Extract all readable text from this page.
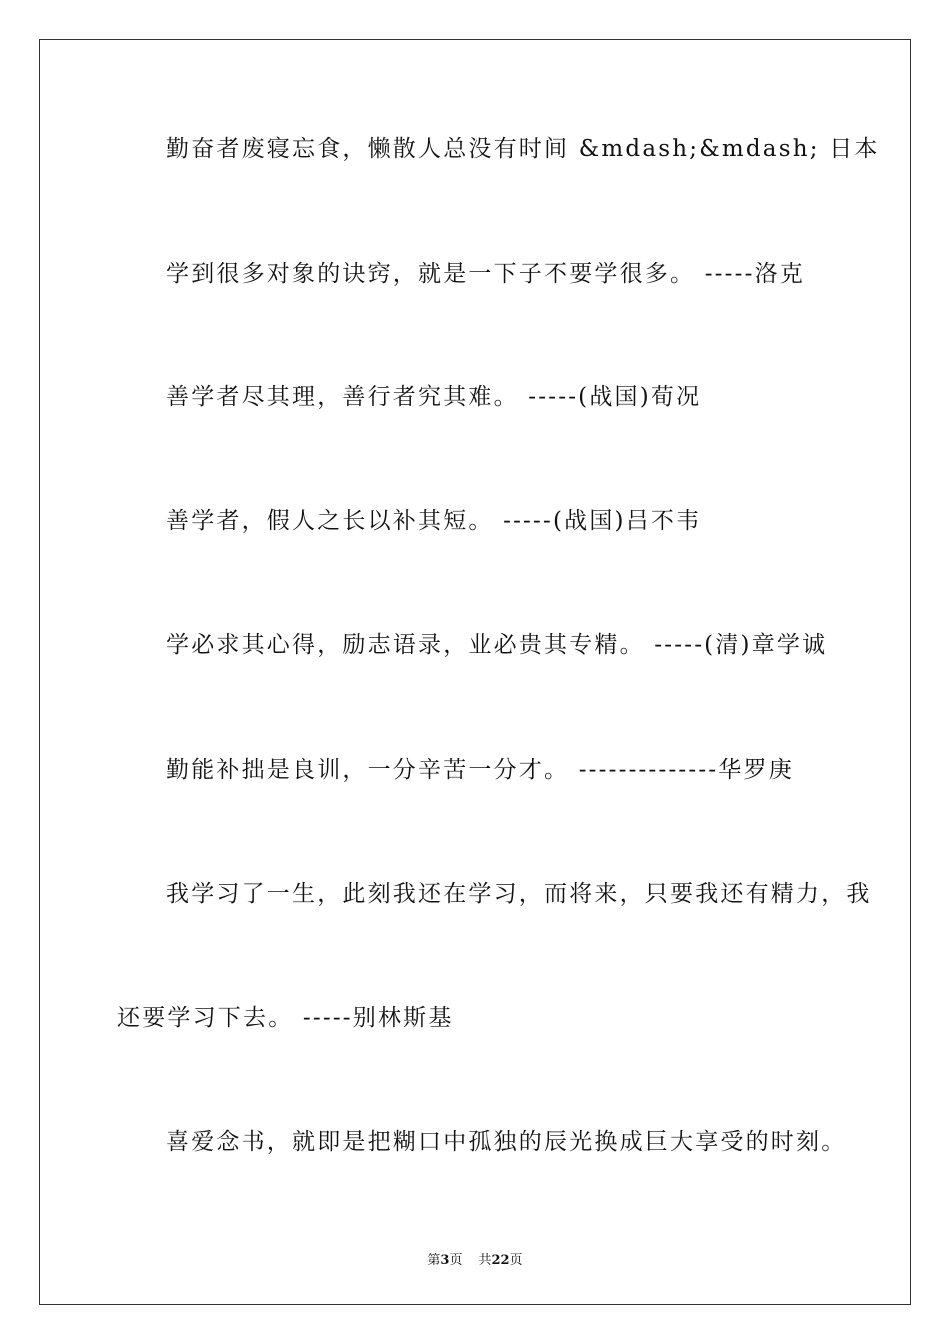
勤奋者废寝忘食，懒散人总没有时间 &mdash;&mdash; 日本
学到很多对象的诀窍，就是一下子不要学很多。 -----洛克
善学者尽其理，善行者究其难。 -----(战国)荀况
善学者，假人之长以补其短。 -----(战国)吕不韦
学必求其心得，励志语录，业必贵其专精。 -----(清)章学诚
勤能补拙是良训，一分辛苦一分才。 --------------华罗庚
我学习了一生，此刻我还在学习，而将来，只要我还有精力，我
还要学习下去。 -----别林斯基
喜爱念书，就即是把糊口中孤独的辰光换成巨大享受的时刻。
第3页 共22页
